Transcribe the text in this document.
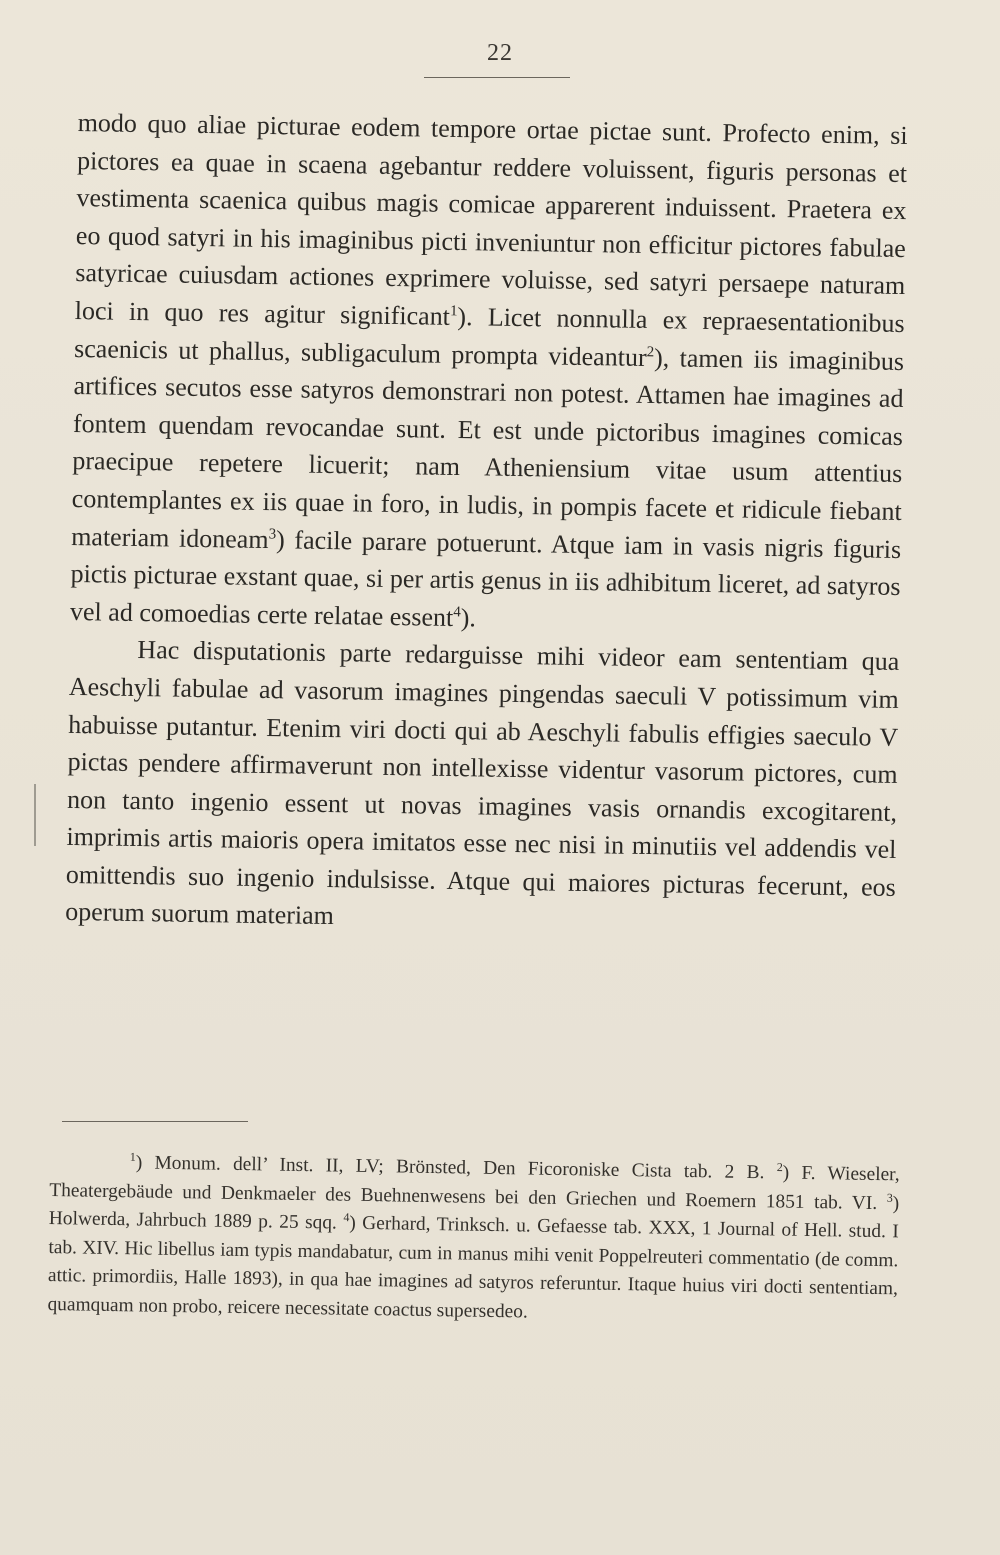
22

modo quo aliae picturae eodem tempore ortae pictae sunt. Profecto enim, si pictores ea quae in scaena agebantur reddere voluissent, figuris personas et vestimenta scaenica quibus magis comicae apparerent induissent. Praetera ex eo quod satyri in his imaginibus picti inveniuntur non efficitur pictores fabulae satyricae cuiusdam actiones exprimere voluisse, sed satyri persaepe naturam loci in quo res agitur significant$^1$). Licet nonnulla ex repraesentationibus scaenicis ut phallus, subligaculum prompta videantur$^2$), tamen iis imaginibus artifices secutos esse satyros demonstrari non potest. Attamen hae imagines ad fontem quendam revocandae sunt. Et est unde pictoribus imagines comicas praecipue repetere licuerit; nam Atheniensium vitae usum attentius contemplantes ex iis quae in foro, in ludis, in pompis facete et ridicule fiebant materiam idoneam$^3$) facile parare potuerunt. Atque iam in vasis nigris figuris pictis picturae exstant quae, si per artis genus in iis adhibitum liceret, ad satyros vel ad comoedias certe relatae essent$^4$).

Hac disputationis parte redarguisse mihi videor eam sententiam qua Aeschyli fabulae ad vasorum imagines pingendas saeculi V potissimum vim habuisse putantur. Etenim viri docti qui ab Aeschyli fabulis effigies saeculo V pictas pendere affirmaverunt non intellexisse videntur vasorum pictores, cum non tanto ingenio essent ut novas imagines vasis ornandis excogitarent, imprimis artis maioris opera imitatos esse nec nisi in minutiis vel addendis vel omittendis suo ingenio indulsisse. Atque qui maiores picturas fecerunt, eos operum suorum materiam

$^1$) Monum. dell’ Inst. II, LV; Brönsted, Den Ficoroniske Cista tab. 2 B. $^2$) F. Wieseler, Theatergebäude und Denkmaeler des Buehnenwesens bei den Griechen und Roemern 1851 tab. VI. $^3$) Holwerda, Jahrbuch 1889 p. 25 sqq. $^4$) Gerhard, Trinksch. u. Gefaesse tab. XXX, 1 Journal of Hell. stud. I tab. XIV. Hic libellus iam typis mandabatur, cum in manus mihi venit Poppelreuteri commentatio (de comm. attic. primordiis, Halle 1893), in qua hae imagines ad satyros referuntur. Itaque huius viri docti sententiam, quamquam non probo, reicere necessitate coactus supersedeo.
